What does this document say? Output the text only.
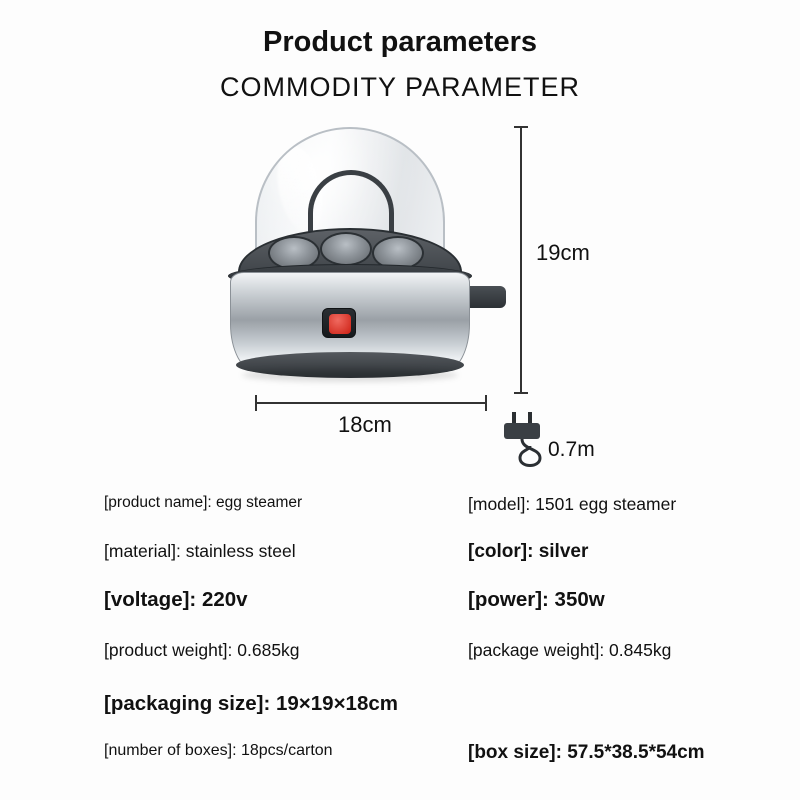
Product parameters
COMMODITY PARAMETER
19cm
18cm
0.7m
[product name]: egg steamer	[model]: 1501 egg steamer
[material]: stainless steel	[color]: silver
[voltage]: 220v	[power]: 350w
[product weight]: 0.685kg	[package weight]: 0.845kg
[packaging size]: 19×19×18cm
[number of boxes]: 18pcs/carton	[box size]: 57.5*38.5*54cm
